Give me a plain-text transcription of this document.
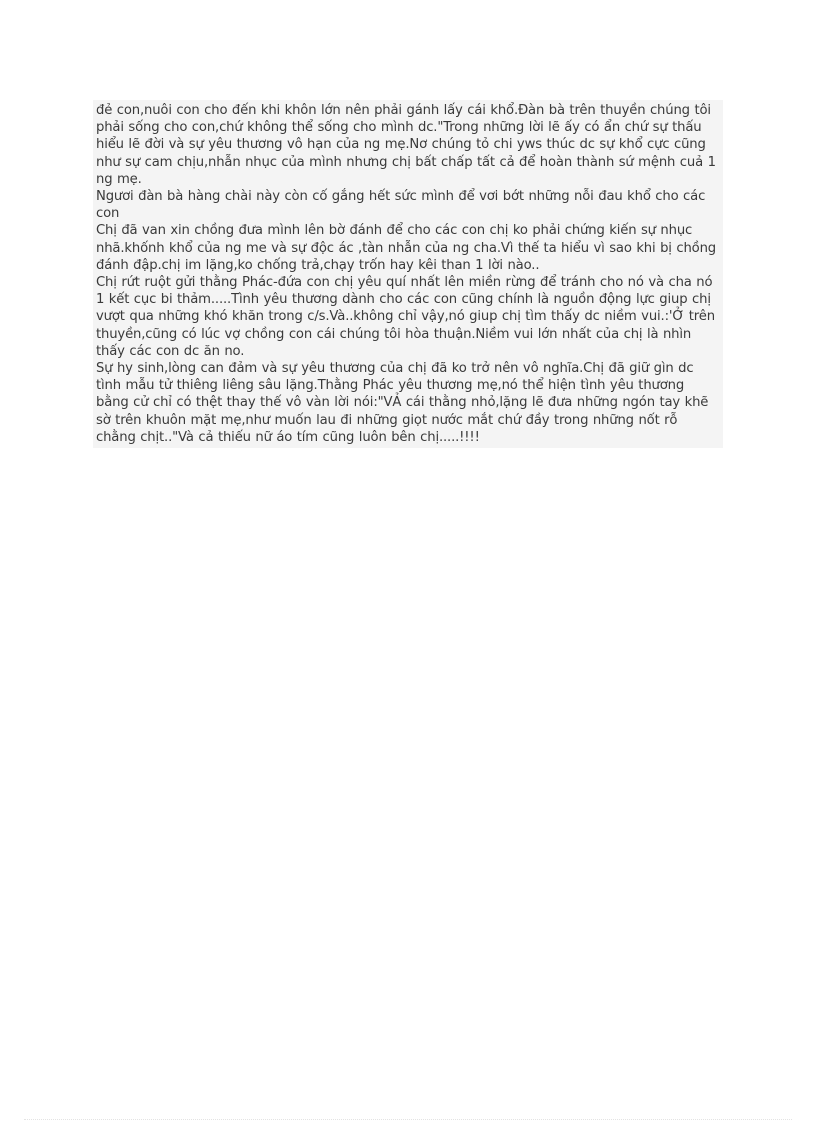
đẻ con,nuôi con cho đến khi khôn lớn nên phải gánh lấy cái khổ.Đàn bà trên thuyền chúng tôi phải sống cho con,chứ không thể sống cho mình dc."Trong những lời lẽ ấy có ẩn chứ sự thấu hiểu lẽ đời và sự yêu thương vô hạn của ng mẹ.Nơ chúng tỏ chi yws thúc dc sự khổ cực cũng như sự cam chịu,nhẫn nhục của mình nhưng chị bất chấp tất cả để hoàn thành sứ mệnh cuả 1 ng mẹ.

Ngươi đàn bà hàng chài này còn cố gắng hết sức mình để vơi bớt những nỗi đau khổ cho các con

Chị đã van xin chồng đưa mình lên bờ đánh để cho các con chị ko phải chứng kiến sự nhục nhã.khốnh khổ của ng me và sự độc ác ,tàn nhẫn của ng cha.Vì thế ta hiểu vì sao khi bị chồng đánh đập.chị im lặng,ko chống trả,chạy trốn hay kêi than 1 lời nào..

Chị rứt ruột gửi thằng Phác-đứa con chị yêu quí nhất lên miền rừng để tránh cho nó và cha nó 1 kết cục bi thảm.....Tình yêu thương dành cho các con cũng chính là nguồn động lực giup chị vượt qua những khó khăn trong c/s.Và..không chỉ vậy,nó giup chị tìm thấy dc niềm vui.:'Ở trên thuyền,cũng có lúc vợ chồng con cái chúng tôi hòa thuận.Niềm vui lớn nhất của chị là nhìn thấy các con dc ăn no.

Sự hy sinh,lòng can đảm và sự yêu thương của chị đã ko trở nên vô nghĩa.Chị đã giữ gìn dc tình mẫu tử thiêng liêng sâu lặng.Thằng Phác yêu thương mẹ,nó thể hiện tình yêu thương bằng cử chỉ có thệt thay thế vô vàn lời nói:"VẢ cái thằng nhỏ,lặng lẽ đưa những ngón tay khẽ sờ trên khuôn mặt mẹ,như muốn lau đi những giọt nước mắt chứ đầy trong những nốt rỗ chằng chịt.."Và cả thiếu nữ áo tím cũng luôn bên chị.....!!!!
